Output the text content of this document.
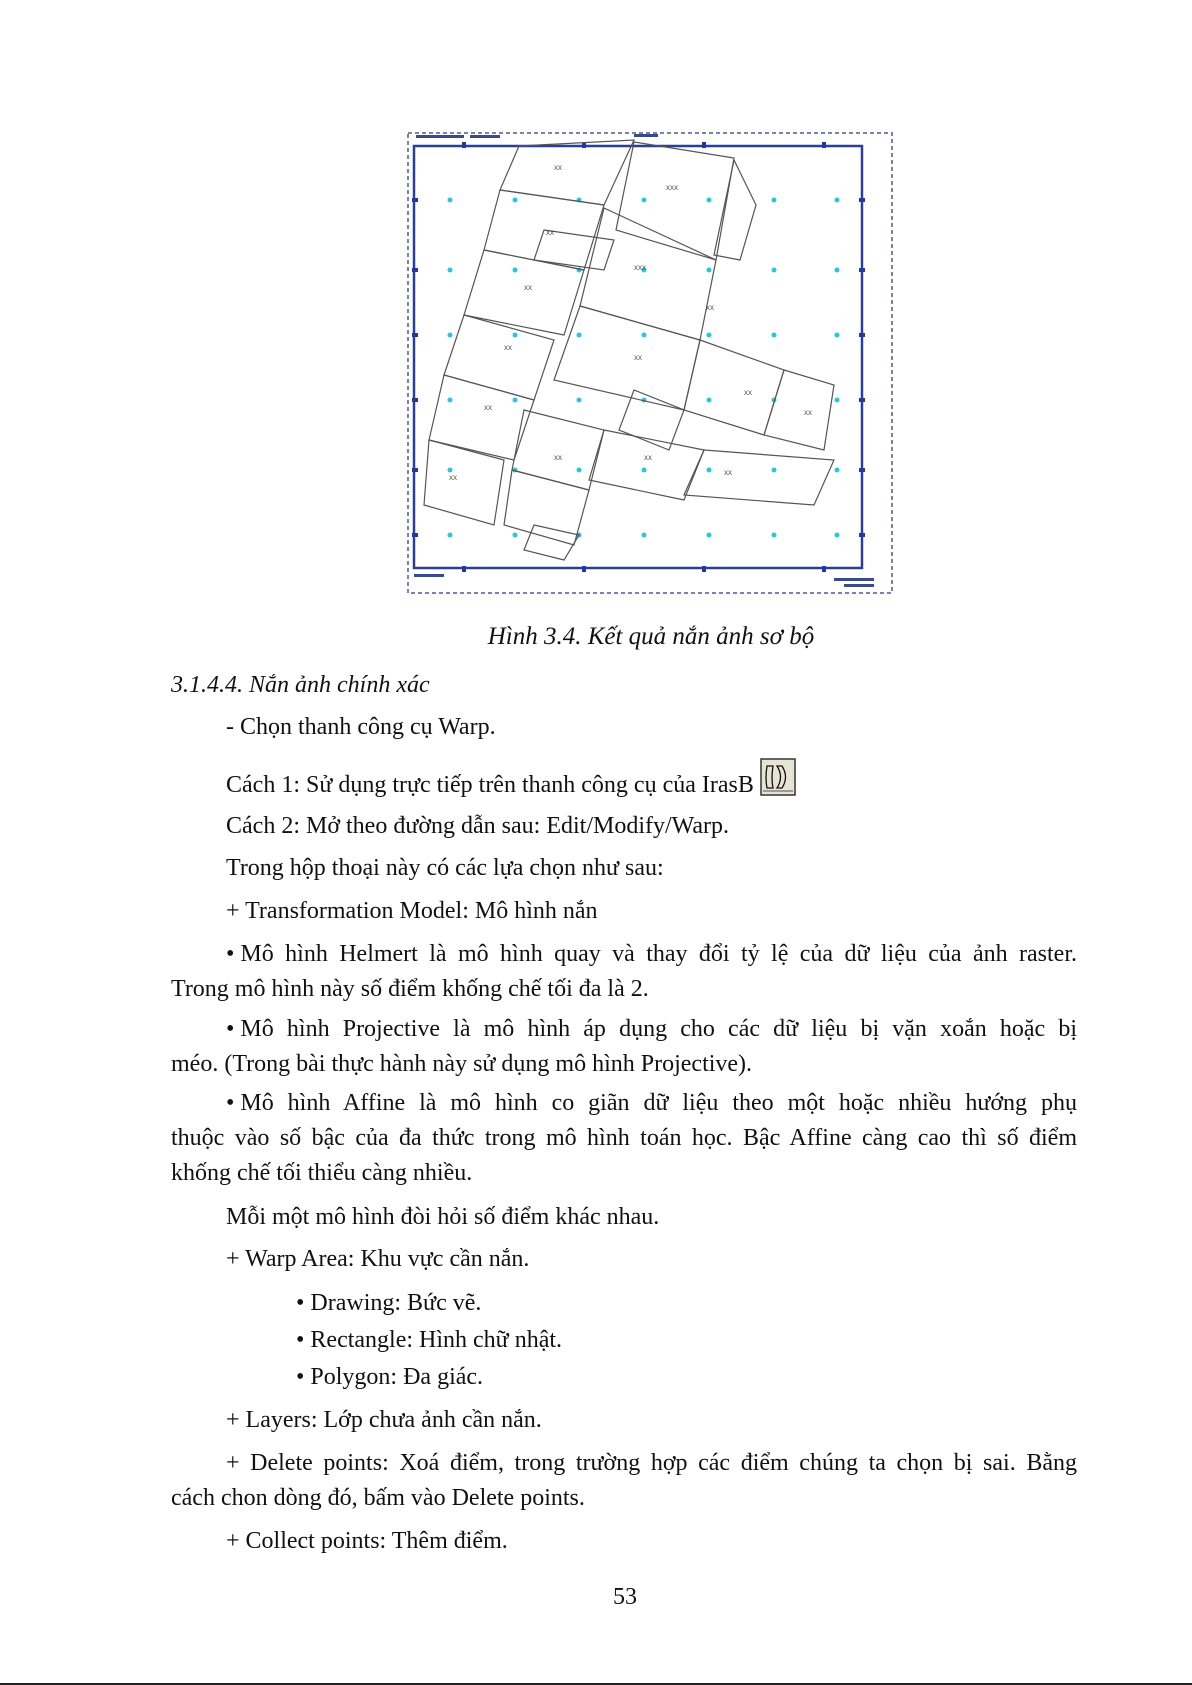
XX
XXX
XX
XXX
XX
XX
XX
XX
XX
XX
XX
XX
XX
XX
XX
Hình 3.4. Kết quả nắn ảnh sơ bộ
3.1.4.4. Nắn ảnh chính xác
- Chọn thanh công cụ Warp.
Cách 1: Sử dụng trực tiếp trên thanh công cụ của IrasB
Cách 2: Mở theo đường dẫn sau: Edit/Modify/Warp.
Trong hộp thoại này có các lựa chọn như sau:
+ Transformation Model: Mô hình nắn
• Mô hình Helmert là mô hình quay và thay đổi tỷ lệ của dữ liệu của ảnh raster.
Trong mô hình này số điểm khống chế tối đa là 2.
• Mô hình Projective là mô hình áp dụng cho các dữ liệu bị vặn xoắn hoặc bị
méo. (Trong bài thực hành này sử dụng mô hình Projective).
• Mô hình Affine là mô hình co giãn dữ liệu theo một hoặc nhiều hướng phụ
thuộc vào số bậc của đa thức trong mô hình toán học. Bậc Affine càng cao thì số điểm
khống chế tối thiểu càng nhiều.
Mỗi một mô hình đòi hỏi số điểm khác nhau.
+ Warp Area: Khu vực cần nắn.
• Drawing: Bức vẽ.
• Rectangle: Hình chữ nhật.
• Polygon: Đa giác.
+ Layers: Lớp chưa ảnh cần nắn.
+ Delete points: Xoá điểm, trong trường hợp các điểm chúng ta chọn bị sai. Bằng
cách chon dòng đó, bấm vào Delete points.
+ Collect points: Thêm điểm.
53
